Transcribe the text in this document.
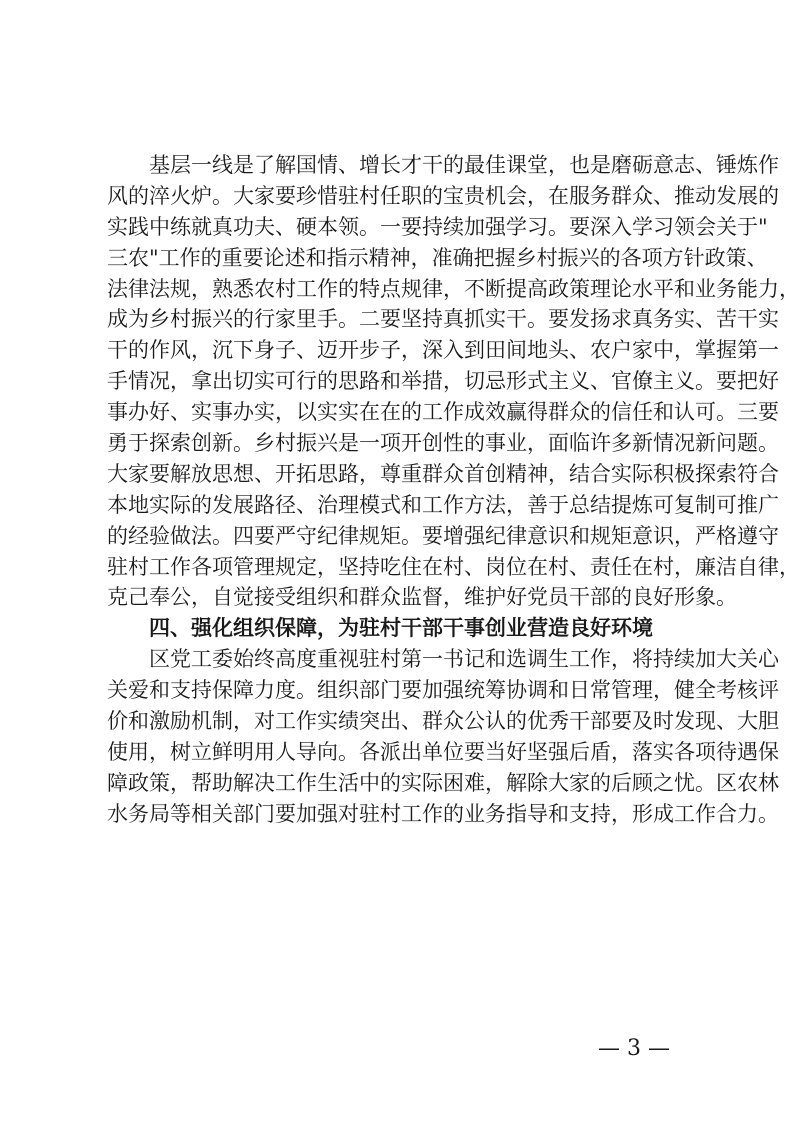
基层一线是了解国情、增长才干的最佳课堂，也是磨砺意志、锤炼作
风的淬火炉。大家要珍惜驻村任职的宝贵机会，在服务群众、推动发展的
实践中练就真功夫、硬本领。一要持续加强学习。要深入学习领会关于"
三农"工作的重要论述和指示精神，准确把握乡村振兴的各项方针政策、
法律法规，熟悉农村工作的特点规律，不断提高政策理论水平和业务能力，
成为乡村振兴的行家里手。二要坚持真抓实干。要发扬求真务实、苦干实
干的作风，沉下身子、迈开步子，深入到田间地头、农户家中，掌握第一
手情况，拿出切实可行的思路和举措，切忌形式主义、官僚主义。要把好
事办好、实事办实，以实实在在的工作成效赢得群众的信任和认可。三要
勇于探索创新。乡村振兴是一项开创性的事业，面临许多新情况新问题。
大家要解放思想、开拓思路，尊重群众首创精神，结合实际积极探索符合
本地实际的发展路径、治理模式和工作方法，善于总结提炼可复制可推广
的经验做法。四要严守纪律规矩。要增强纪律意识和规矩意识，严格遵守
驻村工作各项管理规定，坚持吃住在村、岗位在村、责任在村，廉洁自律，
克己奉公，自觉接受组织和群众监督，维护好党员干部的良好形象。
四、强化组织保障，为驻村干部干事创业营造良好环境
区党工委始终高度重视驻村第一书记和选调生工作，将持续加大关心
关爱和支持保障力度。组织部门要加强统筹协调和日常管理，健全考核评
价和激励机制，对工作实绩突出、群众公认的优秀干部要及时发现、大胆
使用，树立鲜明用人导向。各派出单位要当好坚强后盾，落实各项待遇保
障政策，帮助解决工作生活中的实际困难，解除大家的后顾之忧。区农林
水务局等相关部门要加强对驻村工作的业务指导和支持，形成工作合力。
— 3 —
